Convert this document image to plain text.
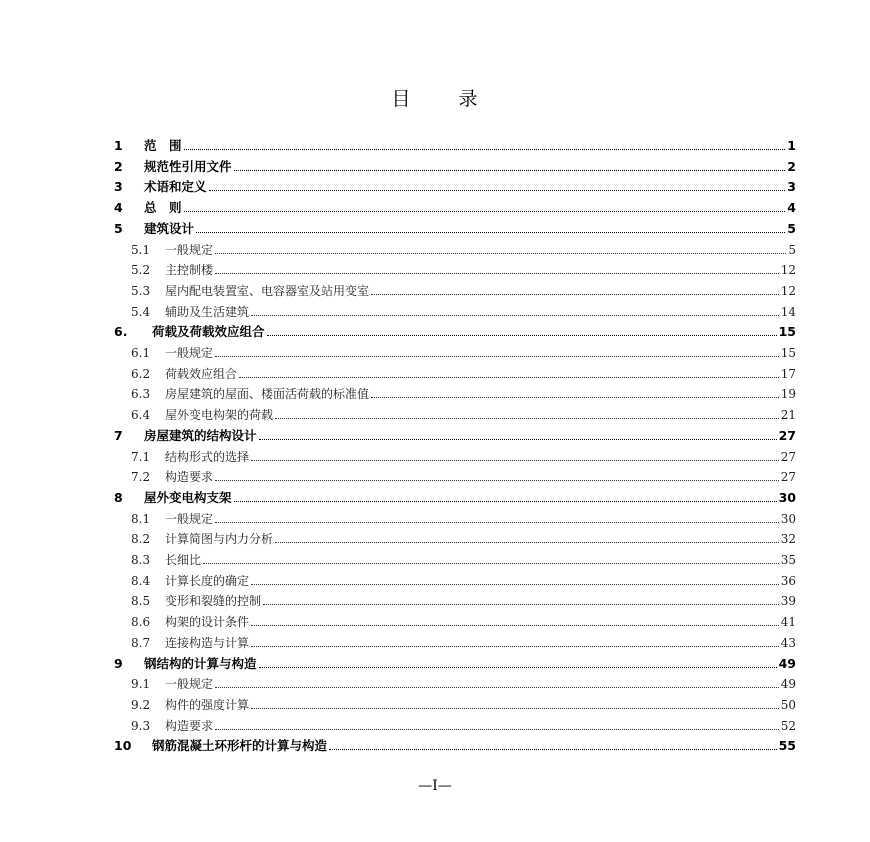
目 录
1	范　围	1
2	规范性引用文件	2
3	术语和定义	3
4	总　则	4
5	建筑设计	5
5.1	一般规定	5
5.2	主控制楼	12
5.3	屋内配电装置室、电容器室及站用变室	12
5.4	辅助及生活建筑	14
6.	荷载及荷载效应组合	15
6.1	一般规定	15
6.2	荷载效应组合	17
6.3	房屋建筑的屋面、楼面活荷载的标准值	19
6.4	屋外变电构架的荷载	21
7	房屋建筑的结构设计	27
7.1	结构形式的选择	27
7.2	构造要求	27
8	屋外变电构支架	30
8.1	一般规定	30
8.2	计算简图与内力分析	32
8.3	长细比	35
8.4	计算长度的确定	36
8.5	变形和裂缝的控制	39
8.6	构架的设计条件	41
8.7	连接构造与计算	43
9	钢结构的计算与构造	49
9.1	一般规定	49
9.2	构件的强度计算	50
9.3	构造要求	52
10	钢筋混凝土环形杆的计算与构造	55
—I—
